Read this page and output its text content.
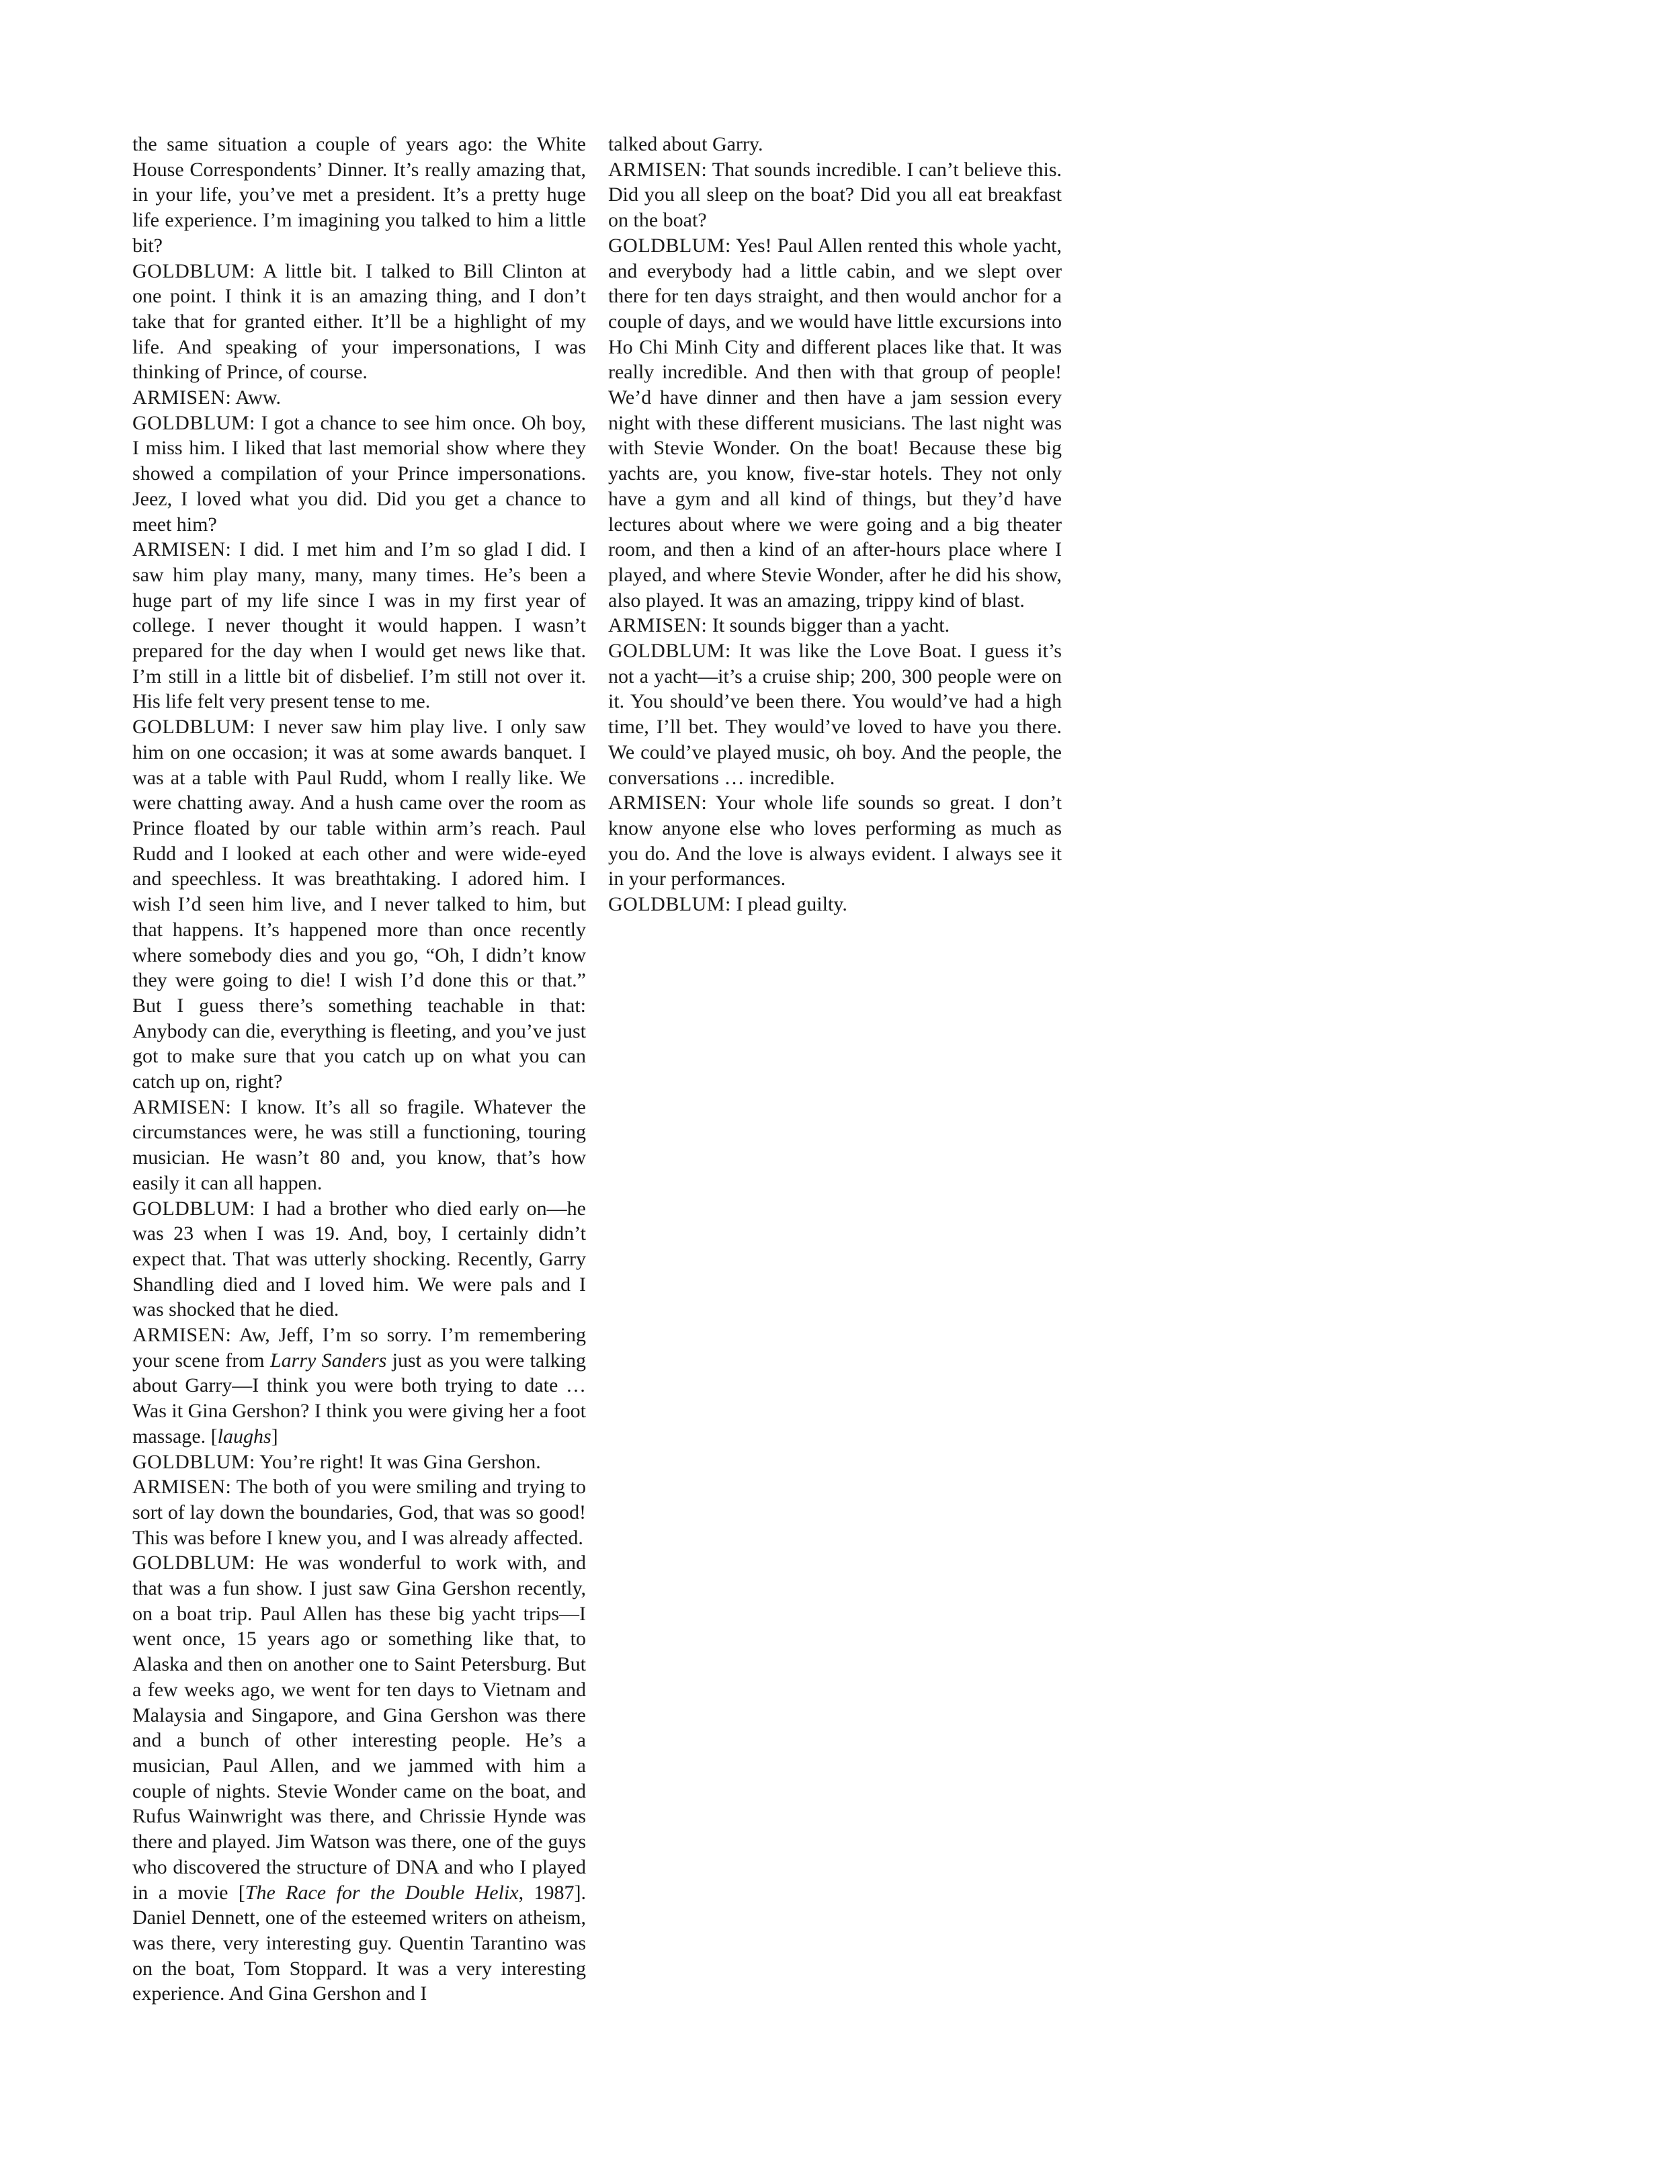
the same situation a couple of years ago: the White House Correspondents’ Dinner. It’s really amazing that, in your life, you’ve met a president. It’s a pretty huge life experience. I’m imagining you talked to him a little bit?

GOLDBLUM: A little bit. I talked to Bill Clinton at one point. I think it is an amazing thing, and I don’t take that for granted either. It’ll be a highlight of my life. And speaking of your impersonations, I was thinking of Prince, of course.

ARMISEN: Aww.

GOLDBLUM: I got a chance to see him once. Oh boy, I miss him. I liked that last memorial show where they showed a compilation of your Prince impersonations. Jeez, I loved what you did. Did you get a chance to meet him?

ARMISEN: I did. I met him and I’m so glad I did. I saw him play many, many, many times. He’s been a huge part of my life since I was in my first year of college. I never thought it would happen. I wasn’t prepared for the day when I would get news like that. I’m still in a little bit of disbelief. I’m still not over it. His life felt very present tense to me.

GOLDBLUM: I never saw him play live. I only saw him on one occasion; it was at some awards banquet. I was at a table with Paul Rudd, whom I really like. We were chatting away. And a hush came over the room as Prince floated by our table within arm’s reach. Paul Rudd and I looked at each other and were wide-eyed and speechless. It was breathtaking. I adored him. I wish I’d seen him live, and I never talked to him, but that happens. It’s happened more than once recently where somebody dies and you go, “Oh, I didn’t know they were going to die! I wish I’d done this or that.” But I guess there’s something teachable in that: Anybody can die, everything is fleeting, and you’ve just got to make sure that you catch up on what you can catch up on, right?

ARMISEN: I know. It’s all so fragile. Whatever the circumstances were, he was still a functioning, touring musician. He wasn’t 80 and, you know, that’s how easily it can all happen.

GOLDBLUM: I had a brother who died early on—he was 23 when I was 19. And, boy, I certainly didn’t expect that. That was utterly shocking. Recently, Garry Shandling died and I loved him. We were pals and I was shocked that he died.

ARMISEN: Aw, Jeff, I’m so sorry. I’m remembering your scene from Larry Sanders just as you were talking about Garry—I think you were both trying to date … Was it Gina Gershon? I think you were giving her a foot massage. [laughs]

GOLDBLUM: You’re right! It was Gina Gershon.

ARMISEN: The both of you were smiling and trying to sort of lay down the boundaries, God, that was so good! This was before I knew you, and I was already affected.

GOLDBLUM: He was wonderful to work with, and that was a fun show. I just saw Gina Gershon recently, on a boat trip. Paul Allen has these big yacht trips—I went once, 15 years ago or something like that, to Alaska and then on another one to Saint Petersburg. But a few weeks ago, we went for ten days to Vietnam and Malaysia and Singapore, and Gina Gershon was there and a bunch of other interesting people. He’s a musician, Paul Allen, and we jammed with him a couple of nights. Stevie Wonder came on the boat, and Rufus Wainwright was there, and Chrissie Hynde was there and played. Jim Watson was there, one of the guys who discovered the structure of DNA and who I played in a movie [The Race for the Double Helix, 1987]. Daniel Dennett, one of the esteemed writers on atheism, was there, very interesting guy. Quentin Tarantino was on the boat, Tom Stoppard. It was a very interesting experience. And Gina Gershon and I

talked about Garry.

ARMISEN: That sounds incredible. I can’t believe this. Did you all sleep on the boat? Did you all eat breakfast on the boat?

GOLDBLUM: Yes! Paul Allen rented this whole yacht, and everybody had a little cabin, and we slept over there for ten days straight, and then would anchor for a couple of days, and we would have little excursions into Ho Chi Minh City and different places like that. It was really incredible. And then with that group of people! We’d have dinner and then have a jam session every night with these different musicians. The last night was with Stevie Wonder. On the boat! Because these big yachts are, you know, five-star hotels. They not only have a gym and all kind of things, but they’d have lectures about where we were going and a big theater room, and then a kind of an after-hours place where I played, and where Stevie Wonder, after he did his show, also played. It was an amazing, trippy kind of blast.

ARMISEN: It sounds bigger than a yacht.

GOLDBLUM: It was like the Love Boat. I guess it’s not a yacht—it’s a cruise ship; 200, 300 people were on it. You should’ve been there. You would’ve had a high time, I’ll bet. They would’ve loved to have you there. We could’ve played music, oh boy. And the people, the conversations … incredible.

ARMISEN: Your whole life sounds so great. I don’t know anyone else who loves performing as much as you do. And the love is always evident. I always see it in your performances.

GOLDBLUM: I plead guilty.
